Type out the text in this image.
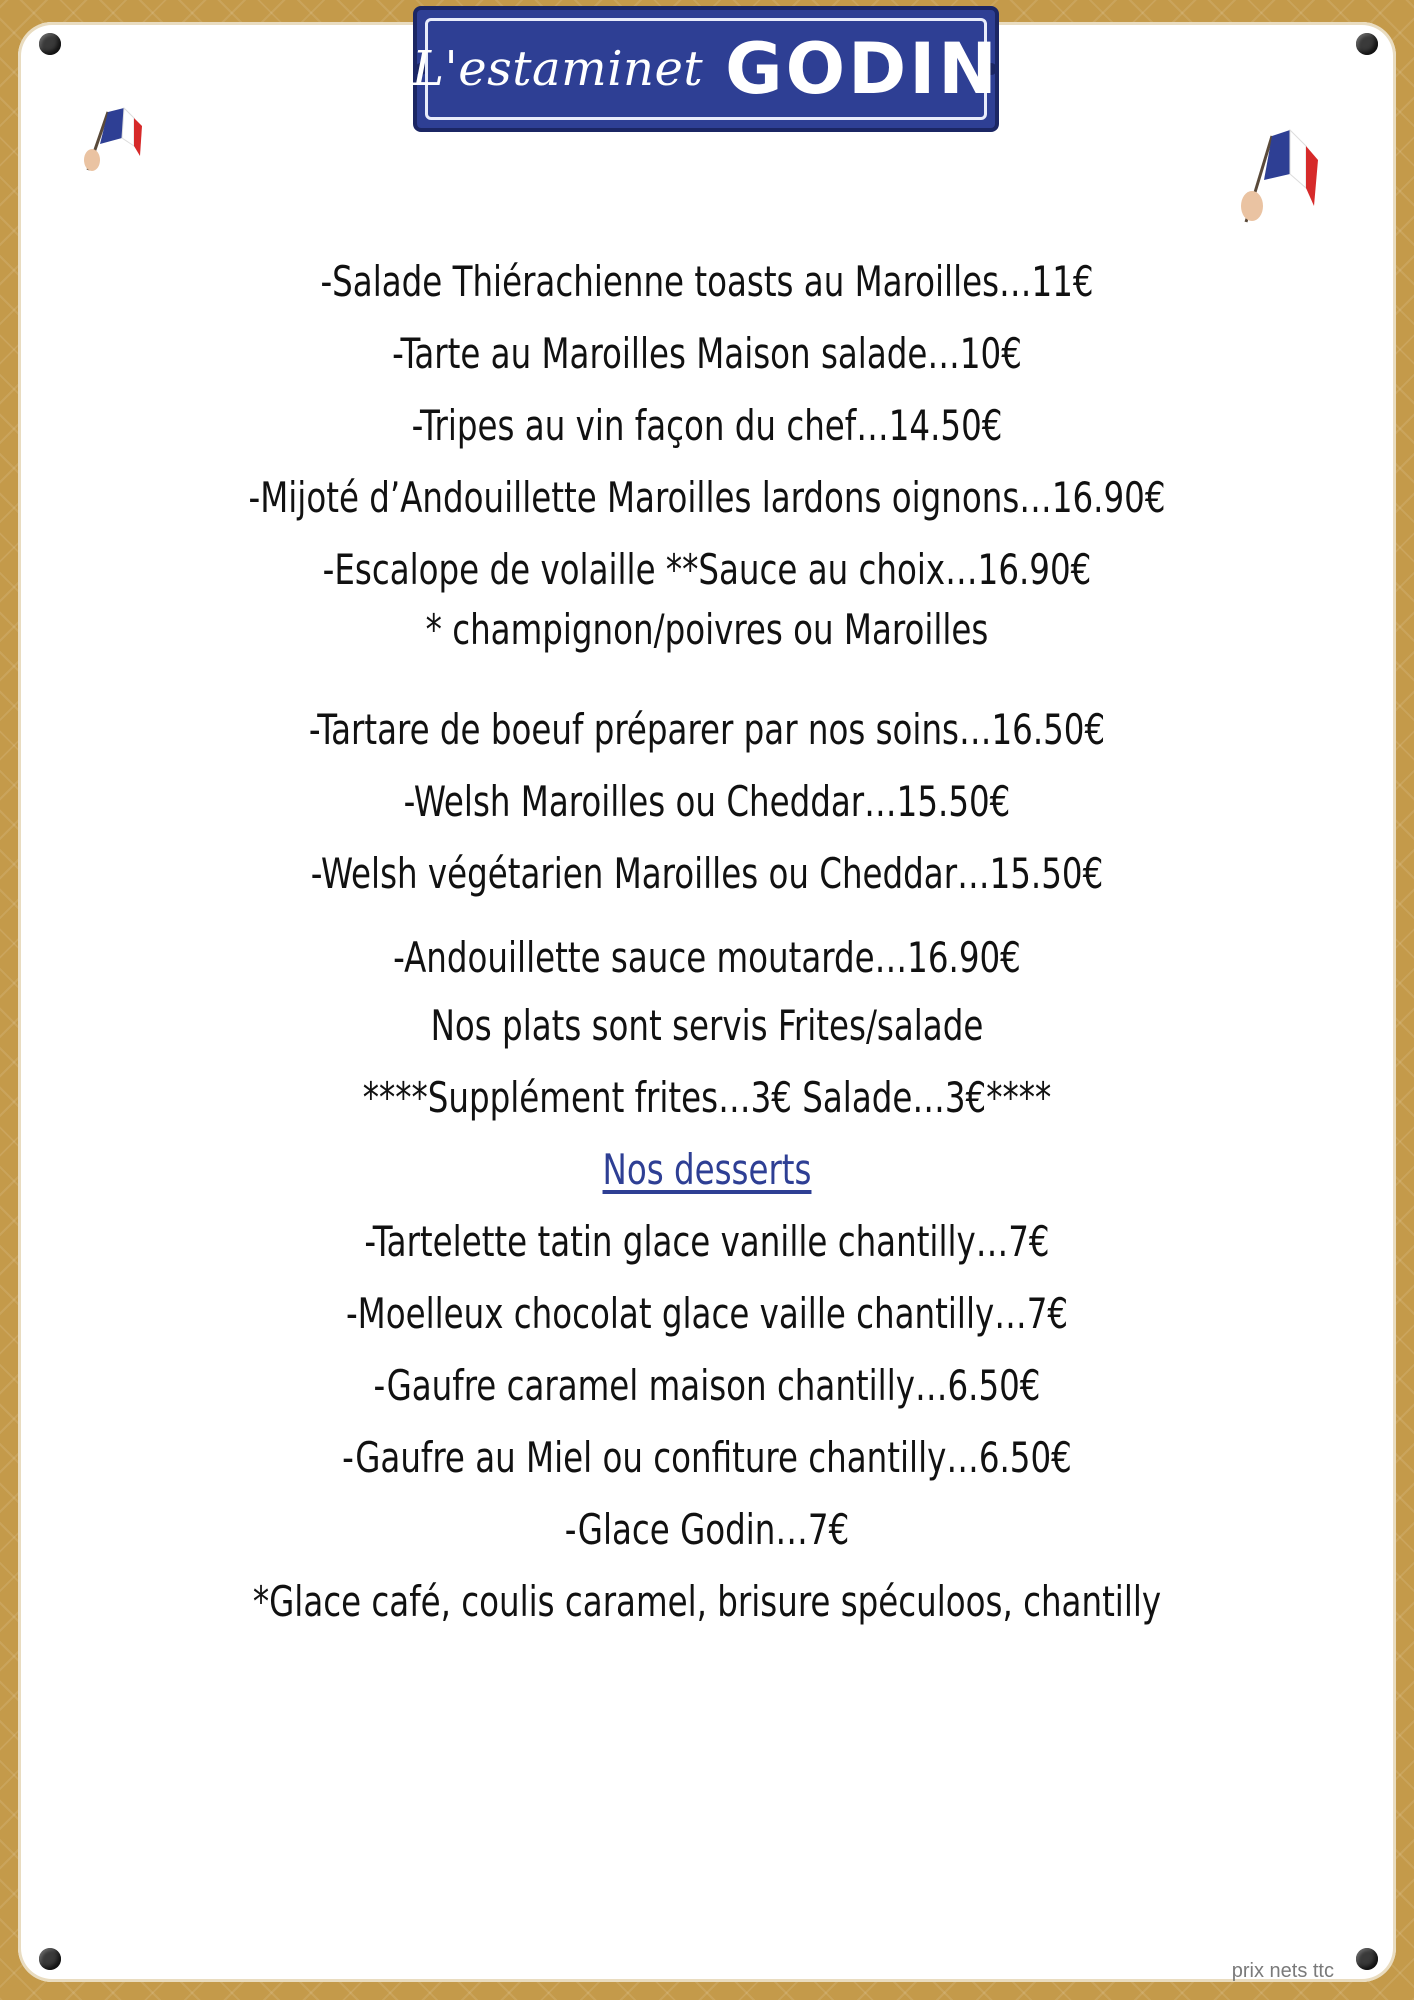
L'estaminet GODIN
-Salade Thiérachienne toasts au Maroilles…11€
-Tarte au Maroilles Maison salade…10€
-Tripes au vin façon du chef…14.50€
-Mijoté d’Andouillette Maroilles lardons oignons…16.90€
-Escalope de volaille **Sauce au choix…16.90€
* champignon/poivres ou Maroilles
-Tartare de boeuf préparer par nos soins…16.50€
-Welsh Maroilles ou Cheddar…15.50€
-Welsh végétarien Maroilles ou Cheddar…15.50€
-Andouillette sauce moutarde…16.90€
Nos plats sont servis Frites/salade
****Supplément frites…3€ Salade…3€****
Nos desserts
-Tartelette tatin glace vanille chantilly…7€
-Moelleux chocolat glace vaille chantilly…7€
-Gaufre caramel maison chantilly…6.50€
-Gaufre au Miel ou confiture chantilly…6.50€
-Glace Godin…7€
*Glace café, coulis caramel, brisure spéculoos, chantilly
prix nets ttc
